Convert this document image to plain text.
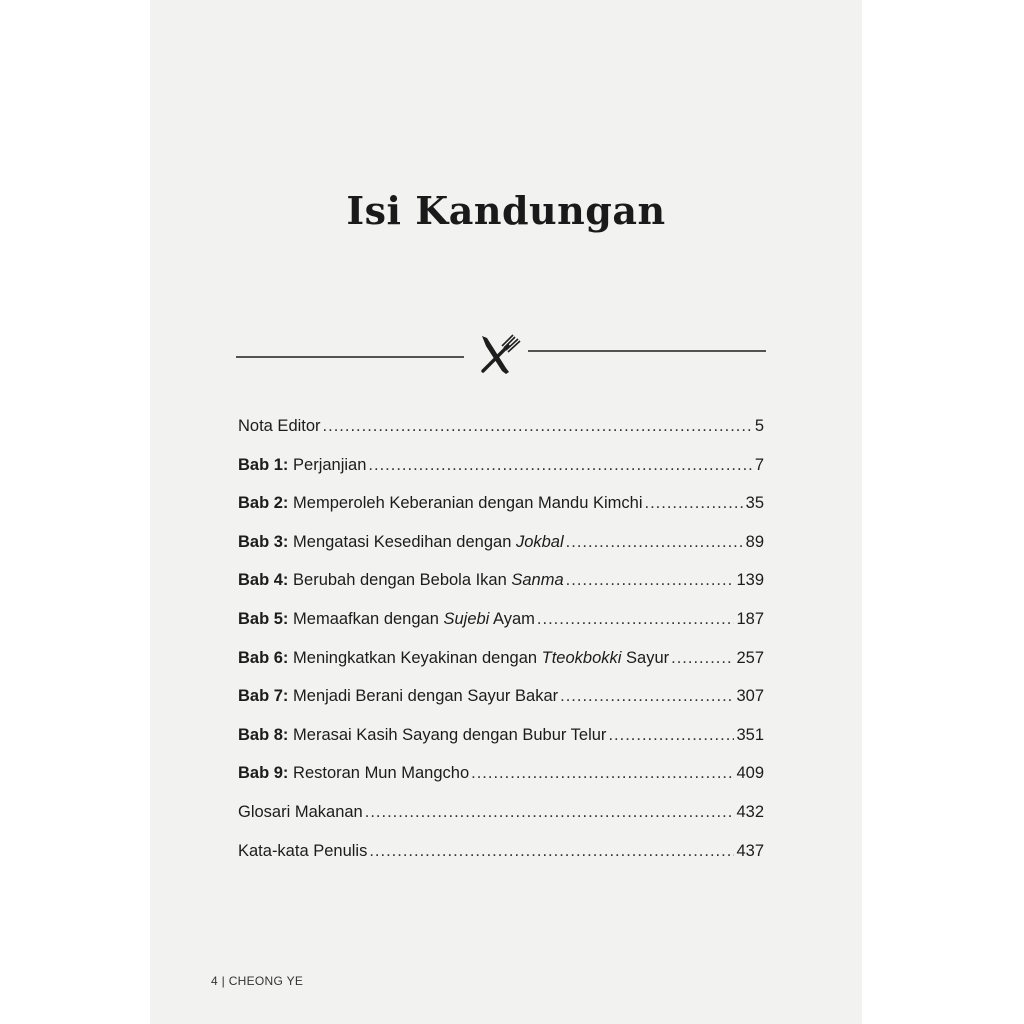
Isi Kandungan
Nota Editor .....	5
Bab 1: Perjanjian .....	7
Bab 2: Memperoleh Keberanian dengan Mandu Kimchi .....	35
Bab 3: Mengatasi Kesedihan dengan Jokbal .....	89
Bab 4: Berubah dengan Bebola Ikan Sanma .....	139
Bab 5: Memaafkan dengan Sujebi Ayam .....	187
Bab 6: Meningkatkan Keyakinan dengan Tteokbokki Sayur .....	257
Bab 7: Menjadi Berani dengan Sayur Bakar .....	307
Bab 8: Merasai Kasih Sayang dengan Bubur Telur .....	351
Bab 9: Restoran Mun Mangcho .....	409
Glosari Makanan .....	432
Kata-kata Penulis .....	437
4 | CHEONG YE
